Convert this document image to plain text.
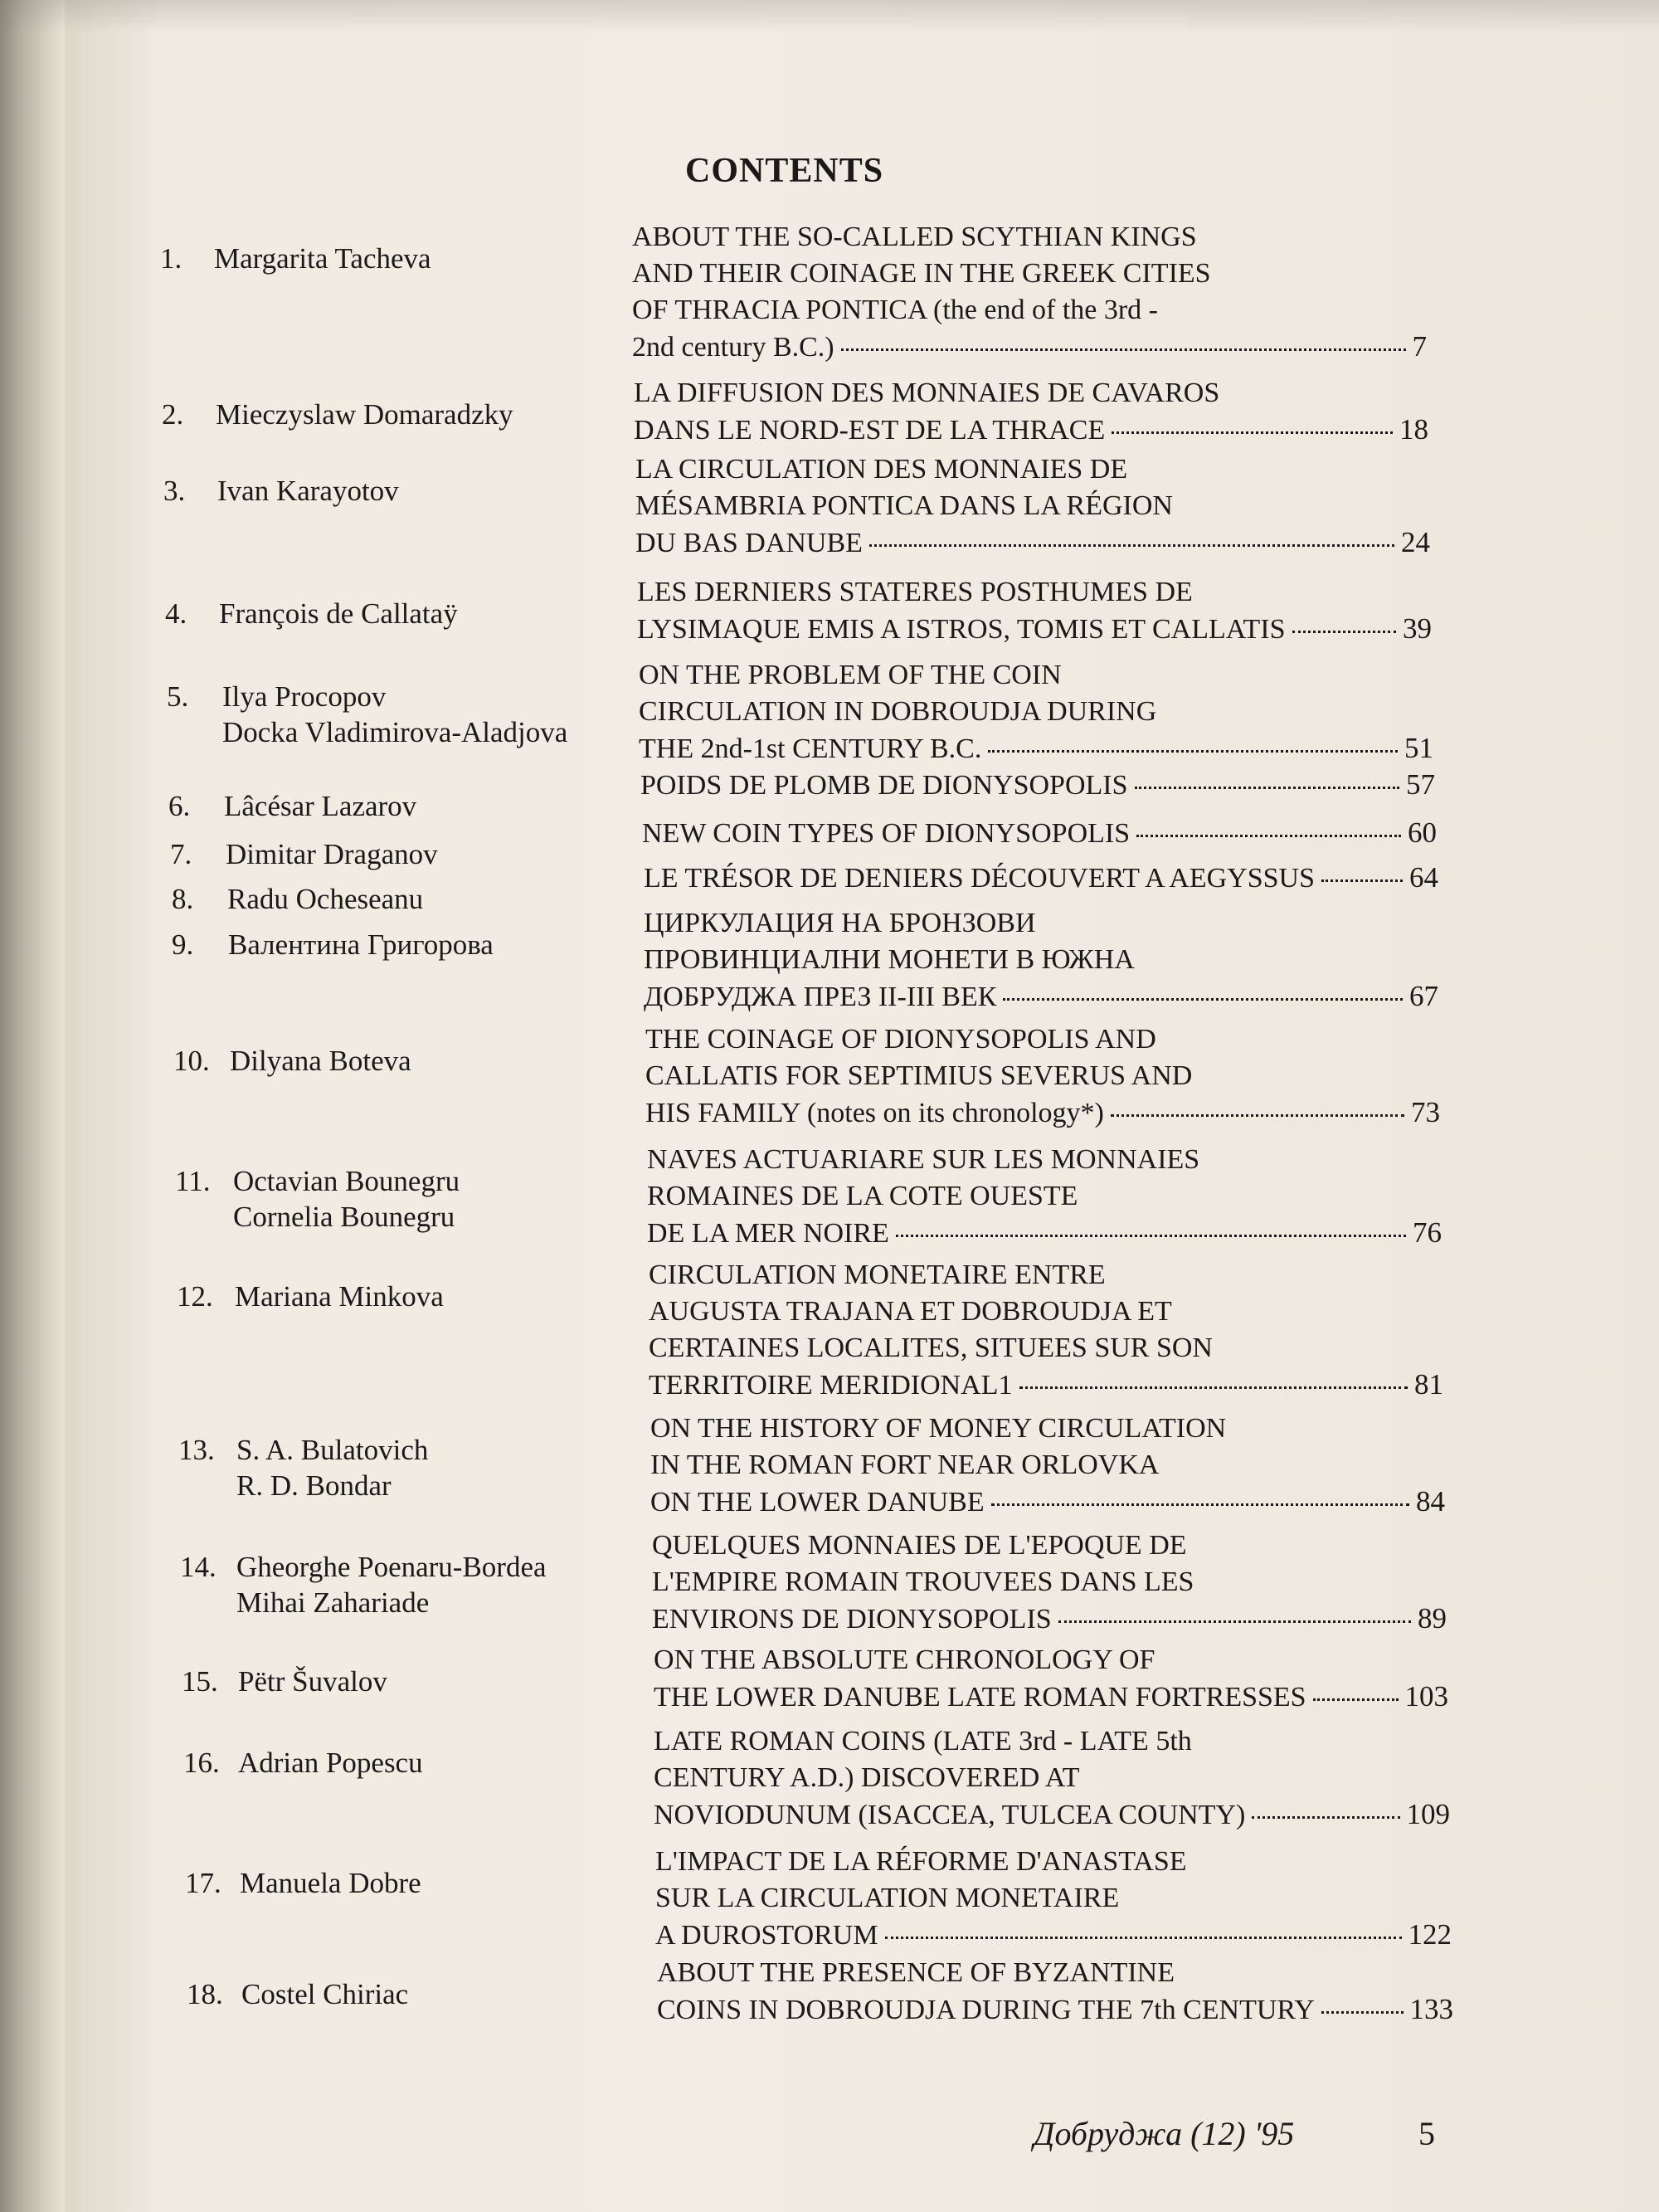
CONTENTS
1. Margarita Tacheva
ABOUT THE SO-CALLED SCYTHIAN KINGS
AND THEIR COINAGE IN THE GREEK CITIES
OF THRACIA PONTICA (the end of the 3rd -
2nd century B.C.)	7
2. Mieczyslaw Domaradzky
LA DIFFUSION DES MONNAIES DE CAVAROS
DANS LE NORD-EST DE LA THRACE	18
3. Ivan Karayotov
LA CIRCULATION DES MONNAIES DE
MÉSAMBRIA PONTICA DANS LA RÉGION
DU BAS DANUBE	24
4. François de Callataÿ
LES DERNIERS STATERES POSTHUMES DE
LYSIMAQUE EMIS A ISTROS, TOMIS ET CALLATIS	39
5. Ilya Procopov
Docka Vladimirova-Aladjova
ON THE PROBLEM OF THE COIN
CIRCULATION IN DOBROUDJA DURING
THE 2nd-1st CENTURY B.C.	51
6. Lâcésar Lazarov
POIDS DE PLOMB DE DIONYSOPOLIS	57
7. Dimitar Draganov
NEW COIN TYPES OF DIONYSOPOLIS	60
8. Radu Ocheseanu
LE TRÉSOR DE DENIERS DÉCOUVERT A AEGYSSUS	64
9. Валентина Григорова
ЦИРКУЛАЦИЯ НА БРОНЗОВИ
ПРОВИНЦИАЛНИ МОНЕТИ В ЮЖНА
ДОБРУДЖА ПРЕЗ II-III ВЕК	67
10. Dilyana Boteva
THE COINAGE OF DIONYSOPOLIS AND
CALLATIS FOR SEPTIMIUS SEVERUS AND
HIS FAMILY (notes on its chronology*)	73
11. Octavian Bounegru
Cornelia Bounegru
NAVES ACTUARIARE SUR LES MONNAIES
ROMAINES DE LA COTE OUESTE
DE LA MER NOIRE	76
12. Mariana Minkova
CIRCULATION MONETAIRE ENTRE
AUGUSTA TRAJANA ET DOBROUDJA ET
CERTAINES LOCALITES, SITUEES SUR SON
TERRITOIRE MERIDIONAL1	81
13. S. A. Bulatovich
R. D. Bondar
ON THE HISTORY OF MONEY CIRCULATION
IN THE ROMAN FORT NEAR ORLOVKA
ON THE LOWER DANUBE	84
14. Gheorghe Poenaru-Bordea
Mihai Zahariade
QUELQUES MONNAIES DE L'EPOQUE DE
L'EMPIRE ROMAIN TROUVEES DANS LES
ENVIRONS DE DIONYSOPOLIS	89
15. Pëtr Šuvalov
ON THE ABSOLUTE CHRONOLOGY OF
THE LOWER DANUBE LATE ROMAN FORTRESSES	103
16. Adrian Popescu
LATE ROMAN COINS (LATE 3rd - LATE 5th
CENTURY A.D.) DISCOVERED AT
NOVIODUNUM (ISACCEA, TULCEA COUNTY)	109
17. Manuela Dobre
L'IMPACT DE LA RÉFORME D'ANASTASE
SUR LA CIRCULATION MONETAIRE
A DUROSTORUM	122
18. Costel Chiriac
ABOUT THE PRESENCE OF BYZANTINE
COINS IN DOBROUDJA DURING THE 7th CENTURY	133
Добруджа (12) '95	5
